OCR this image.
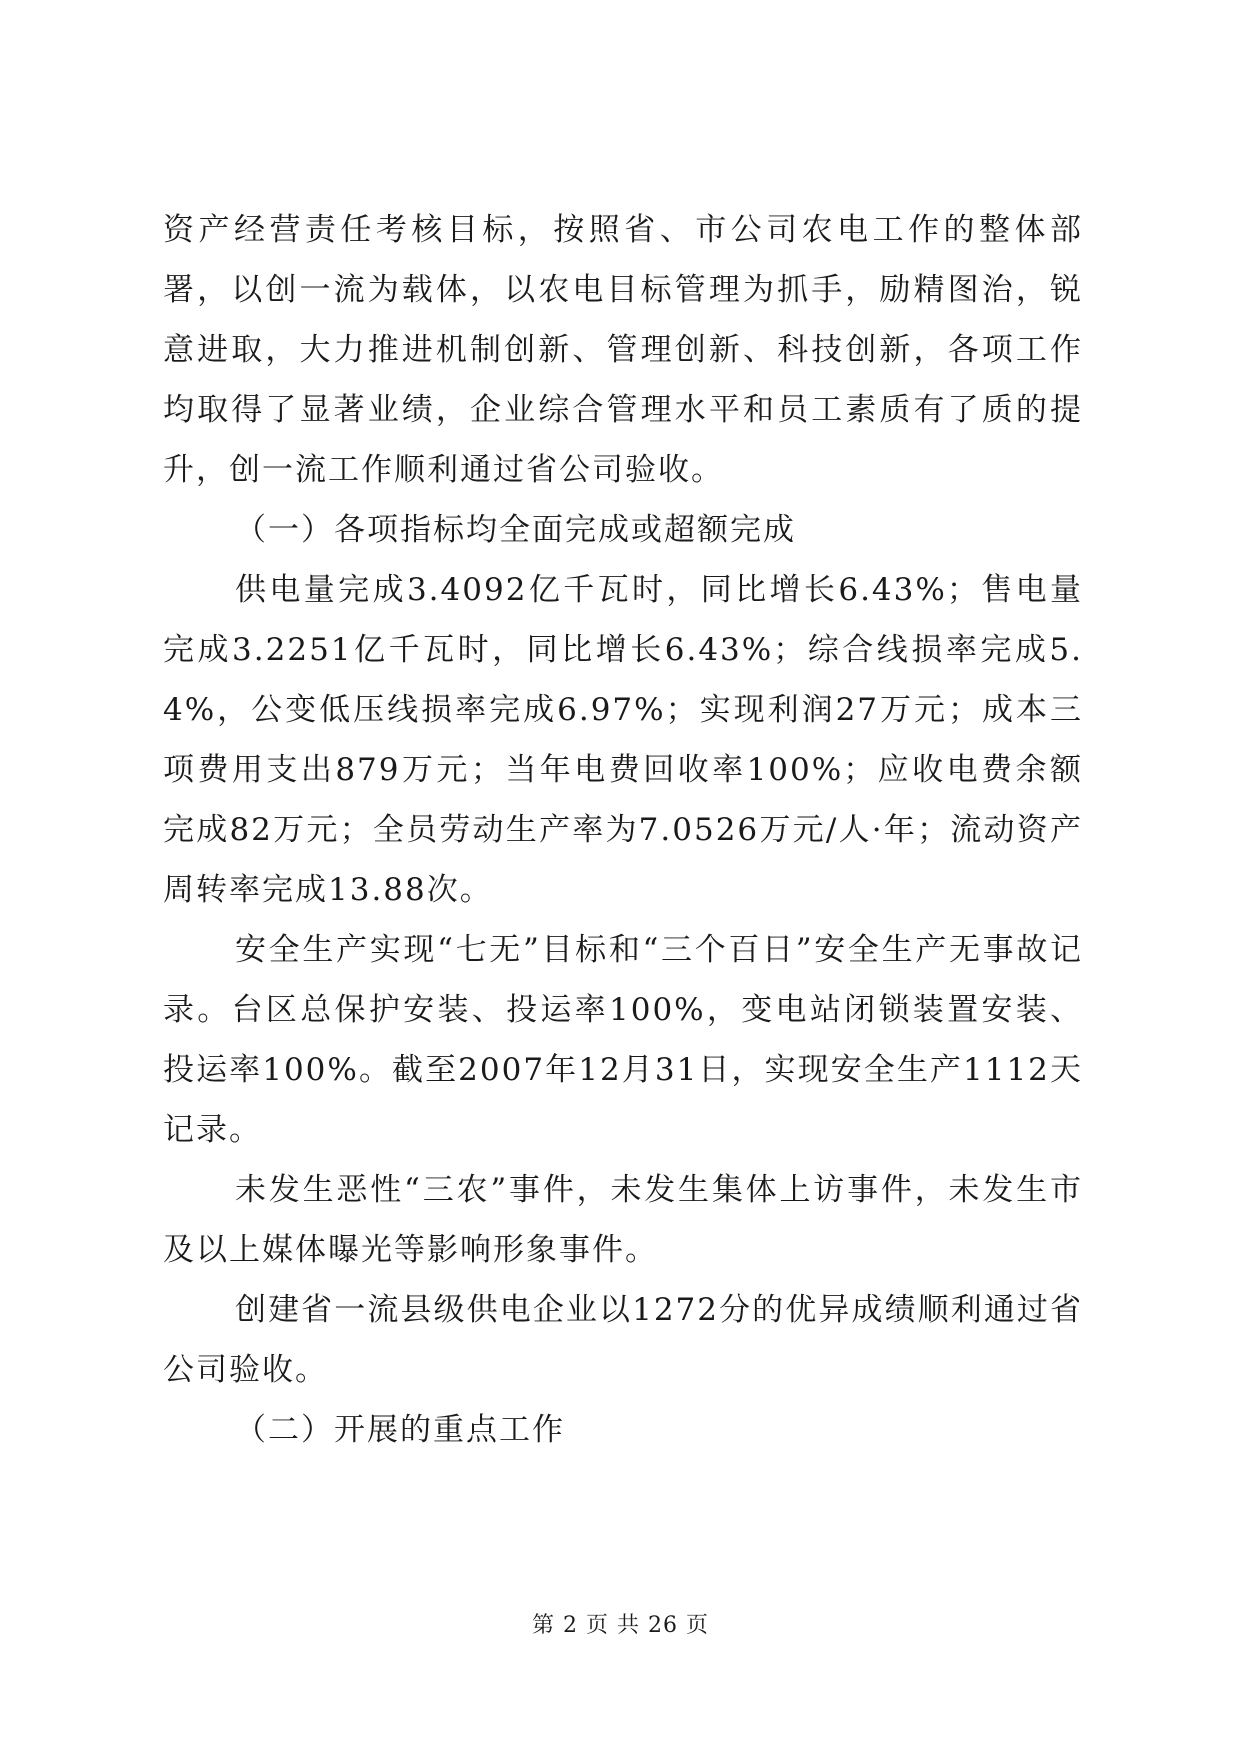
资产经营责任考核目标，按照省、市公司农电工作的整体部署，以创一流为载体，以农电目标管理为抓手，励精图治，锐意进取，大力推进机制创新、管理创新、科技创新，各项工作均取得了显著业绩，企业综合管理水平和员工素质有了质的提升，创一流工作顺利通过省公司验收。

（一）各项指标均全面完成或超额完成

供电量完成3.4092亿千瓦时，同比增长6.43%；售电量完成3.2251亿千瓦时，同比增长6.43%；综合线损率完成5.4%，公变低压线损率完成6.97%；实现利润27万元；成本三项费用支出879万元；当年电费回收率100%；应收电费余额完成82万元；全员劳动生产率为7.0526万元/人·年；流动资产周转率完成13.88次。

安全生产实现“七无”目标和“三个百日”安全生产无事故记录。台区总保护安装、投运率100%，变电站闭锁装置安装、投运率100%。截至2007年12月31日，实现安全生产1112天记录。

未发生恶性“三农”事件，未发生集体上访事件，未发生市及以上媒体曝光等影响形象事件。

创建省一流县级供电企业以1272分的优异成绩顺利通过省公司验收。

（二）开展的重点工作

第 2 页 共 26 页
